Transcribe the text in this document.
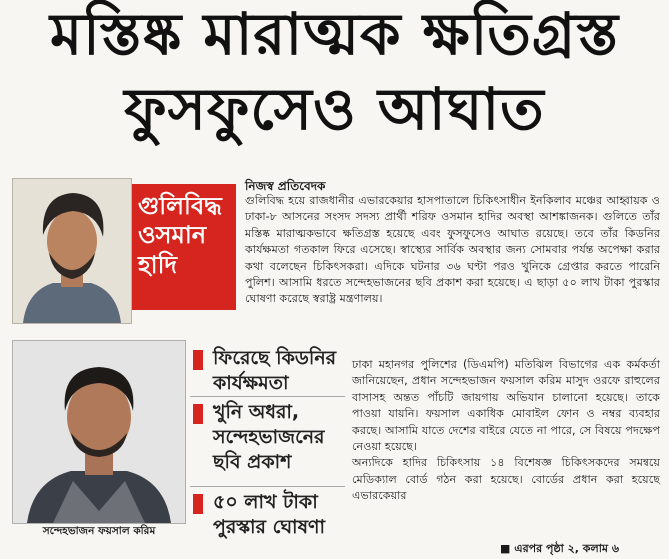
মস্তিষ্ক মারাত্মক ক্ষতিগ্রস্ত
ফুসফুসেও আঘাত
গুলিবিদ্ধ
ওসমান
হাদি
নিজস্ব প্রতিবেদক
গুলিবিদ্ধ হয়ে রাজধানীর এভারকেয়ার হাসপাতালে চিকিৎসাধীন ইনকিলাব মঞ্চের আহ্বায়ক ও ঢাকা-৮ আসনের সংসদ সদস্য প্রার্থী শরিফ ওসমান হাদির অবস্থা আশঙ্কাজনক। গুলিতে তাঁর মস্তিষ্ক মারাত্মকভাবে ক্ষতিগ্রস্ত হয়েছে এবং ফুসফুসেও আঘাত রয়েছে। তবে তাঁর কিডনির কার্যক্ষমতা গতকাল ফিরে এসেছে। স্বাস্থ্যের সার্বিক অবস্থার জন্য সোমবার পর্যন্ত অপেক্ষা করার কথা বলেছেন চিকিৎসকরা। এদিকে ঘটনার ৩৬ ঘণ্টা পরও খুনিকে গ্রেপ্তার করতে পারেনি পুলিশ। আসামি ধরতে সন্দেহভাজনের ছবি প্রকাশ করা হয়েছে। এ ছাড়া ৫০ লাখ টাকা পুরস্কার ঘোষণা করেছে স্বরাষ্ট্র মন্ত্রণালয়।
সন্দেহভাজন ফয়সাল করিম
ফিরেছে কিডনির
কার্যক্ষমতা
খুনি অধরা,
সন্দেহভাজনের
ছবি প্রকাশ
৫০ লাখ টাকা
পুরস্কার ঘোষণা
ঢাকা মহানগর পুলিশের (ডিএমপি) মতিঝিল বিভাগের এক কর্মকর্তা জানিয়েছেন, প্রধান সন্দেহভাজন ফয়সাল করিম মাসুদ ওরফে রাহুলের বাসাসহ অন্তত পাঁচটি জায়গায় অভিযান চালানো হয়েছে। তাকে পাওয়া যায়নি। ফয়সাল একাধিক মোবাইল ফোন ও নম্বর ব্যবহার করছে। আসামি যাতে দেশের বাইরে যেতে না পারে, সে বিষয়ে পদক্ষেপ নেওয়া হয়েছে।
অন্যদিকে হাদির চিকিৎসায় ১৪ বিশেষজ্ঞ চিকিৎসকদের সমন্বয়ে মেডিক্যাল বোর্ড গঠন করা হয়েছে। বোর্ডের প্রধান করা হয়েছে এভারকেয়ার
■ এরপর পৃষ্ঠা ২, কলাম ৬
